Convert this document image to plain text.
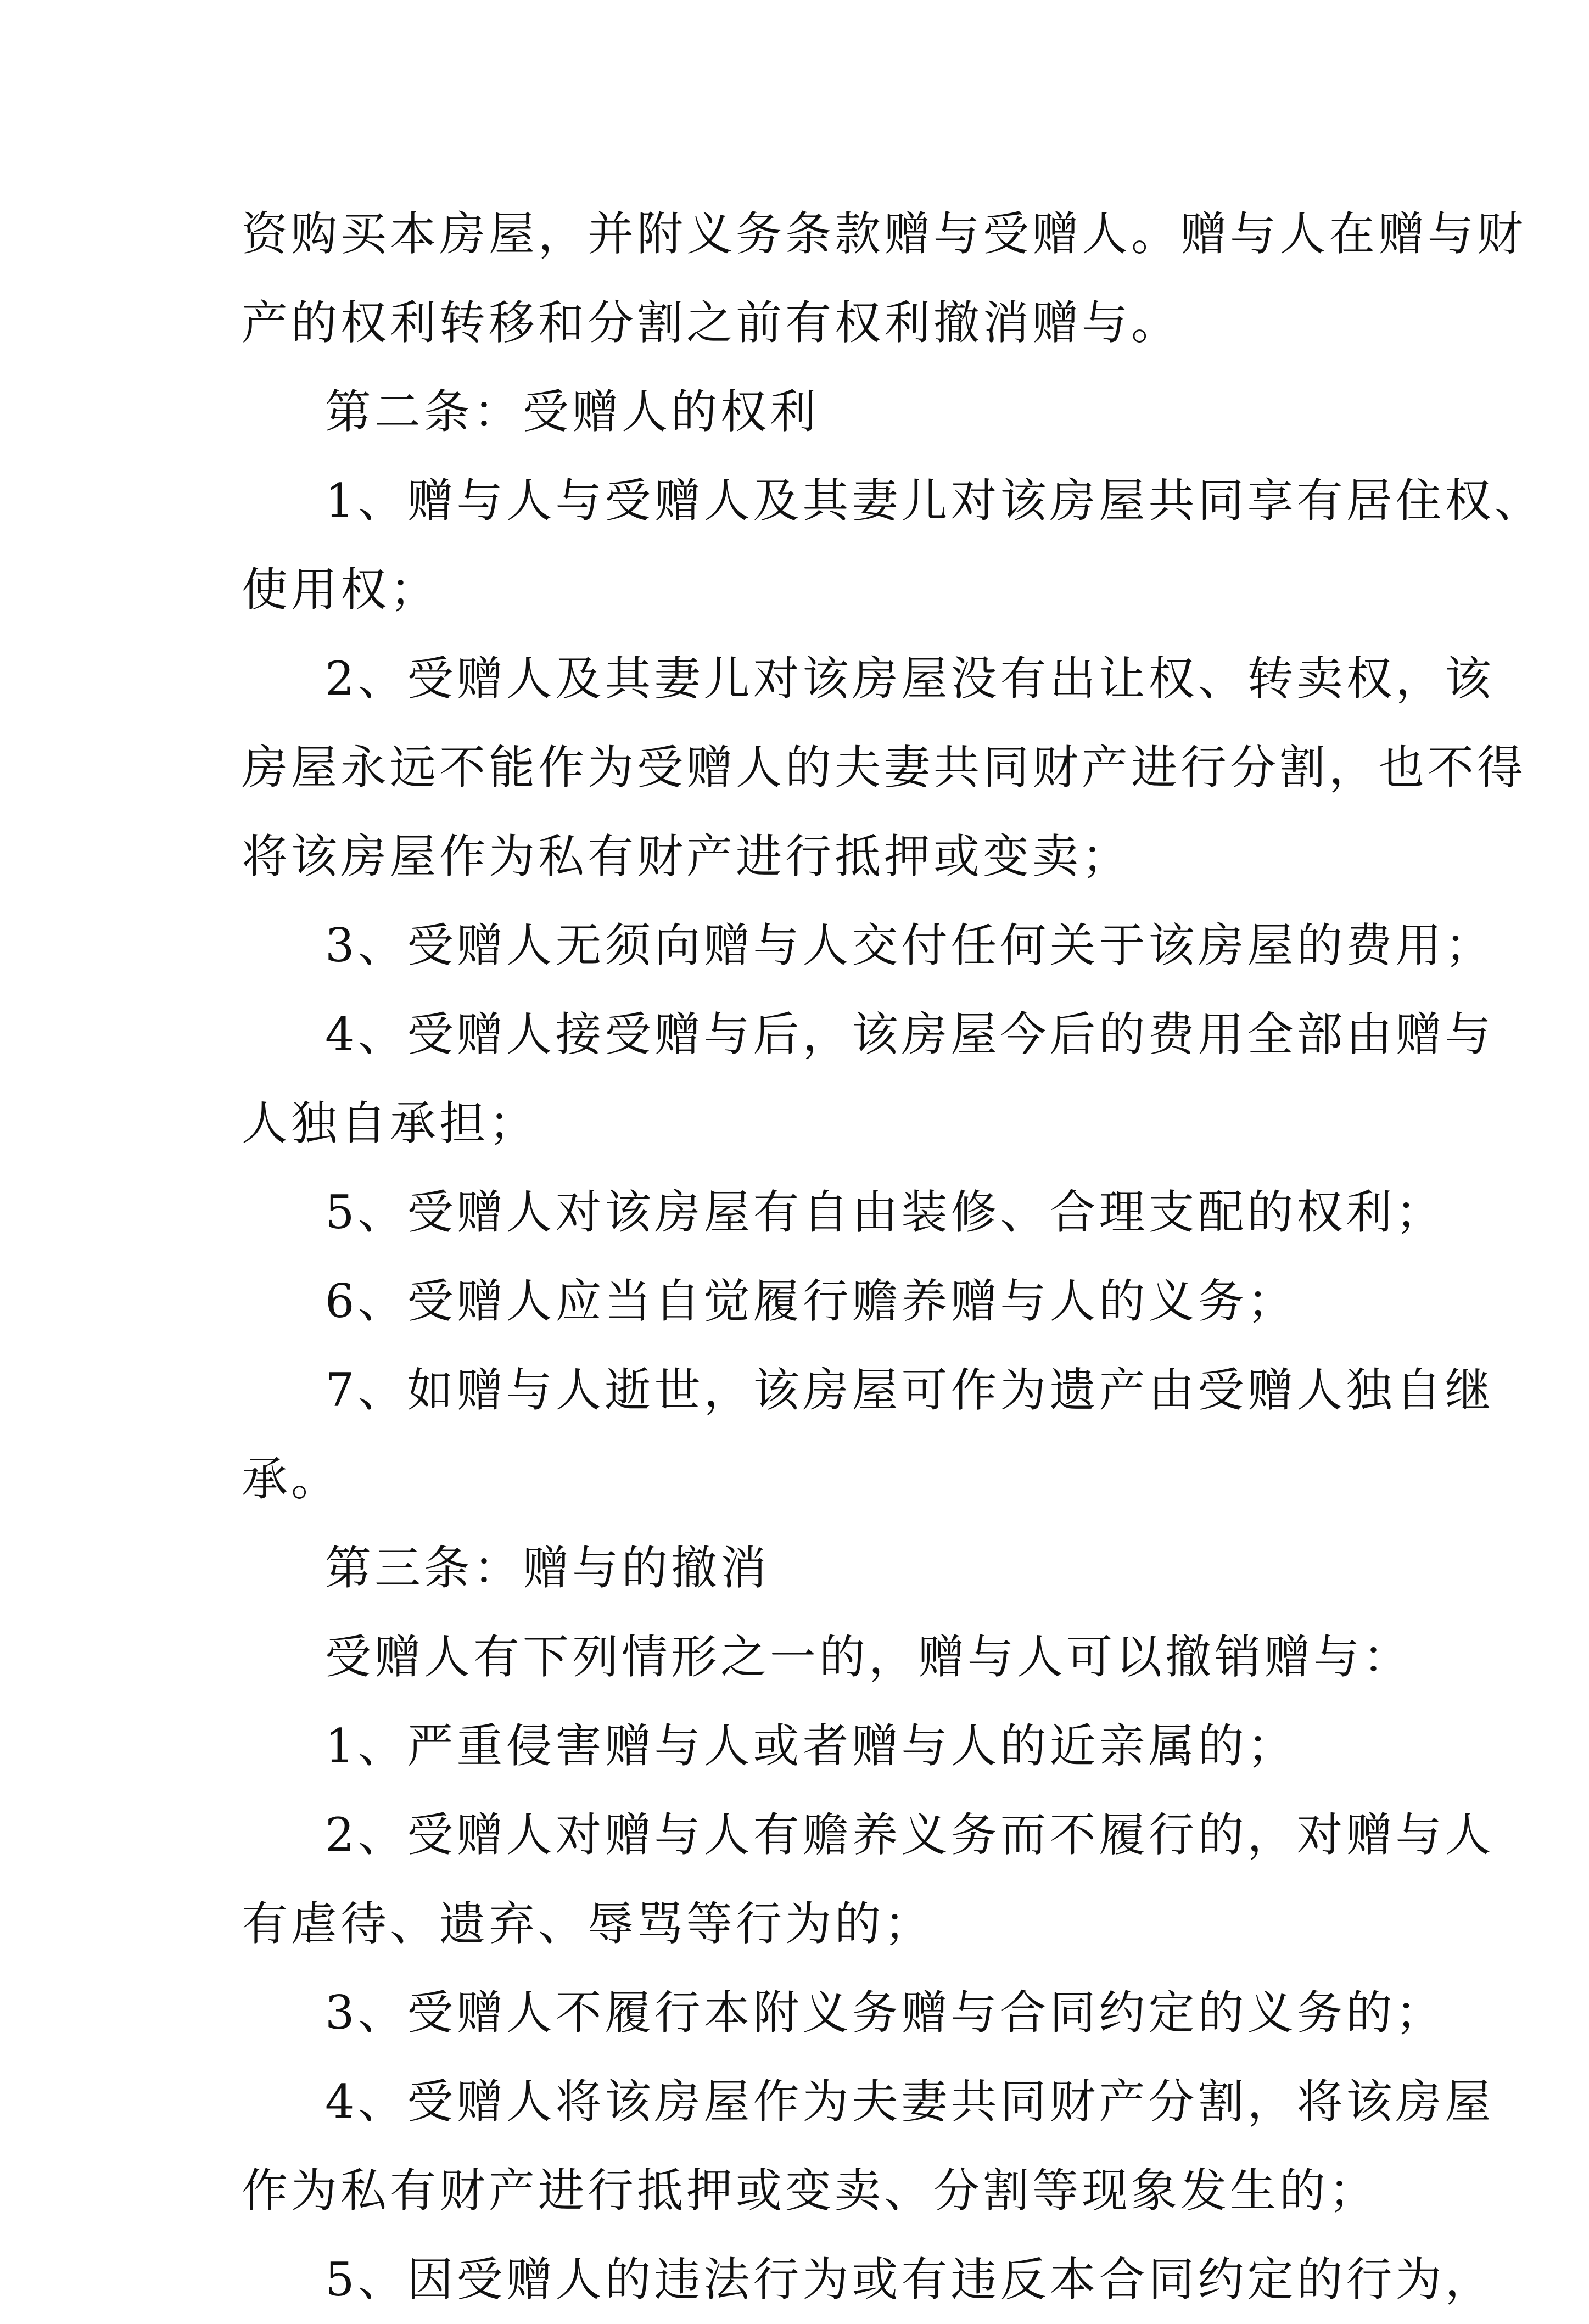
资购买本房屋，并附义务条款赠与受赠人。赠与人在赠与财
产的权利转移和分割之前有权利撤消赠与。
第二条：受赠人的权利
1、赠与人与受赠人及其妻儿对该房屋共同享有居住权、
使用权；
2、受赠人及其妻儿对该房屋没有出让权、转卖权，该
房屋永远不能作为受赠人的夫妻共同财产进行分割，也不得
将该房屋作为私有财产进行抵押或变卖；
3、受赠人无须向赠与人交付任何关于该房屋的费用；
4、受赠人接受赠与后，该房屋今后的费用全部由赠与
人独自承担；
5、受赠人对该房屋有自由装修、合理支配的权利；
6、受赠人应当自觉履行赡养赠与人的义务；
7、如赠与人逝世，该房屋可作为遗产由受赠人独自继
承。
第三条：赠与的撤消
受赠人有下列情形之一的，赠与人可以撤销赠与：
1、严重侵害赠与人或者赠与人的近亲属的；
2、受赠人对赠与人有赡养义务而不履行的，对赠与人
有虐待、遗弃、辱骂等行为的；
3、受赠人不履行本附义务赠与合同约定的义务的；
4、受赠人将该房屋作为夫妻共同财产分割，将该房屋
作为私有财产进行抵押或变卖、分割等现象发生的；
5、因受赠人的违法行为或有违反本合同约定的行为，
